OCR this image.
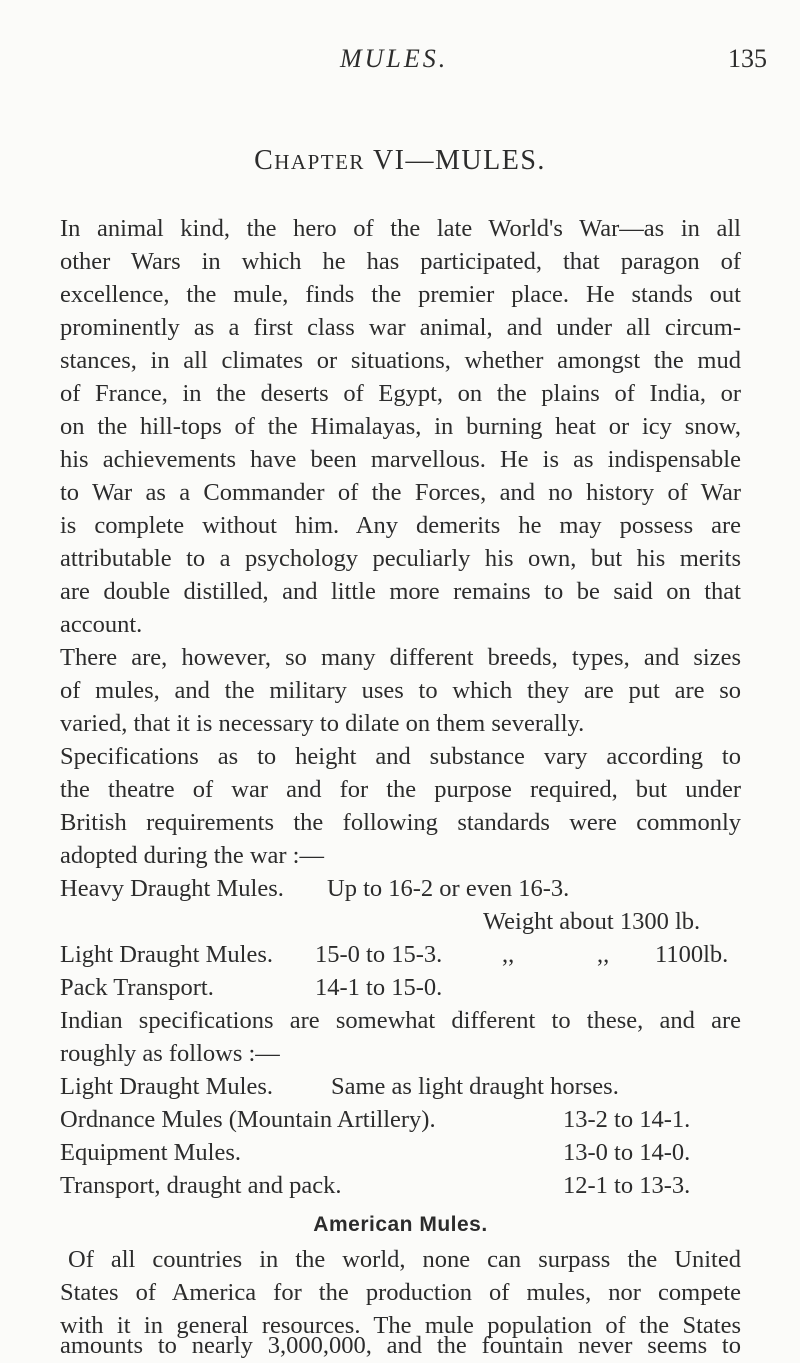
MULES.	135
CHAPTER VI—MULES.
In animal kind, the hero of the late World's War—as in all
other Wars in which he has participated, that paragon of
excellence, the mule, finds the premier place. He stands out
prominently as a first class war animal, and under all circum-
stances, in all climates or situations, whether amongst the mud
of France, in the deserts of Egypt, on the plains of India, or
on the hill-tops of the Himalayas, in burning heat or icy snow,
his achievements have been marvellous. He is as indispensable
to War as a Commander of the Forces, and no history of War
is complete without him. Any demerits he may possess are
attributable to a psychology peculiarly his own, but his merits
are double distilled, and little more remains to be said on that
account.
There are, however, so many different breeds, types, and sizes
of mules, and the military uses to which they are put are so
varied, that it is necessary to dilate on them severally.
Specifications as to height and substance vary according to
the theatre of war and for the purpose required, but under
British requirements the following standards were commonly
adopted during the war :—
Heavy Draught Mules. Up to 16-2 or even 16-3.
Weight about 1300 lb.
Light Draught Mules. 15-0 to 15-3. ,,	,, 1100lb.
Pack Transport.	14-1 to 15-0.
Indian specifications are somewhat different to these, and are
roughly as follows :—
Light Draught Mules. Same as light draught horses.
Ordnance Mules (Mountain Artillery).	13-2 to 14-1.
Equipment Mules.	13-0 to 14-0.
Transport, draught and pack.	12-1 to 13-3.
American Mules.
Of all countries in the world, none can surpass the United
States of America for the production of mules, nor compete
with it in general resources. The mule population of the States
amounts to nearly 3,000,000, and the fountain never seems to
